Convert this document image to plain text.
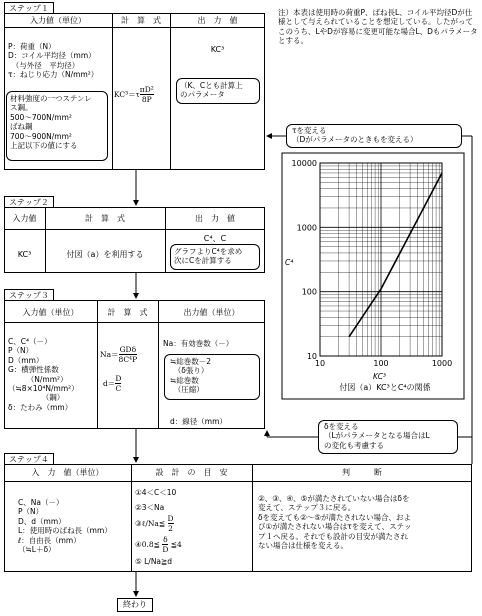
ステップ１
入力値（単位）	計　算　式	出　力　値
P：荷重（N）
D：コイル平均径（mm）
　（与外径　平均径）
τ：ねじり応力（N/mm²）
材料強度の一つステンレ
ス鋼。
500～700N/mm²
ばね鋼
700～900N/mm²
上記以下の値にする
$KC^3=\tau \frac{\text{πD²}}{8P}$
KC³
（K、Cとも計算上
のパラメータ
注）本表は使用時の荷重P、ばね長L、コイル平均径Dが仕様として与えられていることを想定している。したがってこのうち、LやDが容易に変更可能な場合L、Dもパラメータとする。
τを変える
（Dがパラメータのときもを変える）
ステップ２
入力値	計　算　式	出　力　値
KC³	付図（a）を利用する
C⁴、C
グラフよりC⁴を求め
次にCを計算する
ステップ３
入力値（単位）	計　算　式	出力値（単位）
C、C⁴（－）
P（N）
D（mm）
G：横弾性係数
　　　（N/mm²）
（≒8×10⁴N/mm²）
　　　　　（鋼）
δ：たわみ（mm）
Na＝
GDδ
8C⁴P
$d= \frac{D}{C}$
Na：有効巻数（－）
≒総巻数－2
　（δ張り）
≒総巻数
　（圧縮）
d：線径（mm）
δを変える
（Lがパラメータとなる場合はL
の変化も考慮する
ステップ４
入　力　値（単位）	設　計　の　目　安	判　　　断
C、Na（－）
P（N）
D、d（mm）
L：使用時のばね長（mm）
ℓ：自由長（mm）
（≒L＋δ）
①4＜C＜10
②3＜Na
③ℓ/Na≦ $\frac{D}{2}$
④0.8≦ $\frac{\delta}{D}$ ≦4
⑤ L/Na≧d
②、③、④、⑤が満たされていない場合はδを
変えて、ステップ３に戻る。
δを変えても②～⑤が満たされない場合、およ
び①が満たされない場合はτを変えて、ステッ
プ１へ戻る。それでも設計の目安が満たされ
ない場合は仕様を変える。
終わり
10	100	1000
10
100
1000
10000
C⁴
KC³
付図（a）KC³とC⁴の関係
